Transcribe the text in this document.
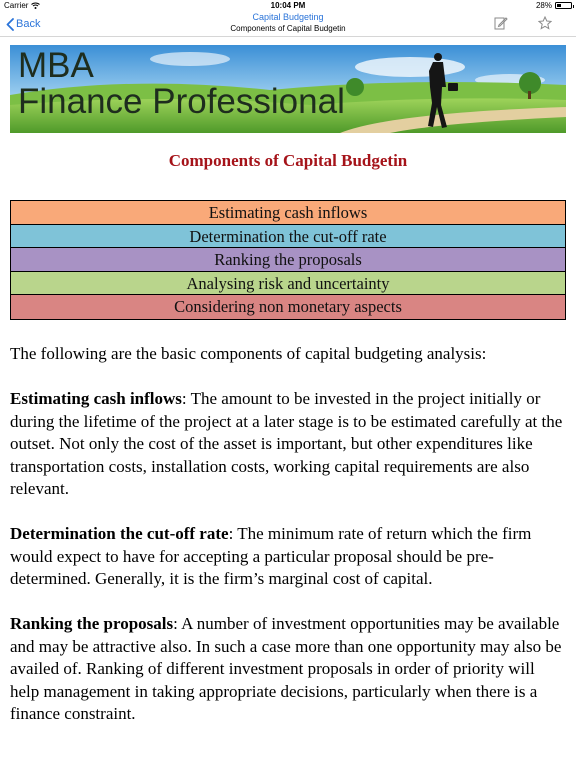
Carrier	10:04 PM	28%
Back
Capital Budgeting
Components of Capital Budgetin
MBA
Finance Professional
Components of Capital Budgetin
Estimating cash inflows
Determination the cut-off rate
Ranking the proposals
Analysing risk and uncertainty
Considering non monetary aspects

The following are the basic components of capital budgeting analysis:

Estimating cash inflows: The amount to be invested in the project initially or during the lifetime of the project at a later stage is to be estimated carefully at the outset. Not only the cost of the asset is important, but other expenditures like transportation costs, installation costs, working capital requirements are also relevant.

Determination the cut-off rate: The minimum rate of return which the firm would expect to have for accepting a particular proposal should be pre-determined. Generally, it is the firm’s marginal cost of capital.

Ranking the proposals: A number of investment opportunities may be available and may be attractive also. In such a case more than one opportunity may also be availed of. Ranking of different investment proposals in order of priority will help management in taking appropriate decisions, particularly when there is a finance constraint.
